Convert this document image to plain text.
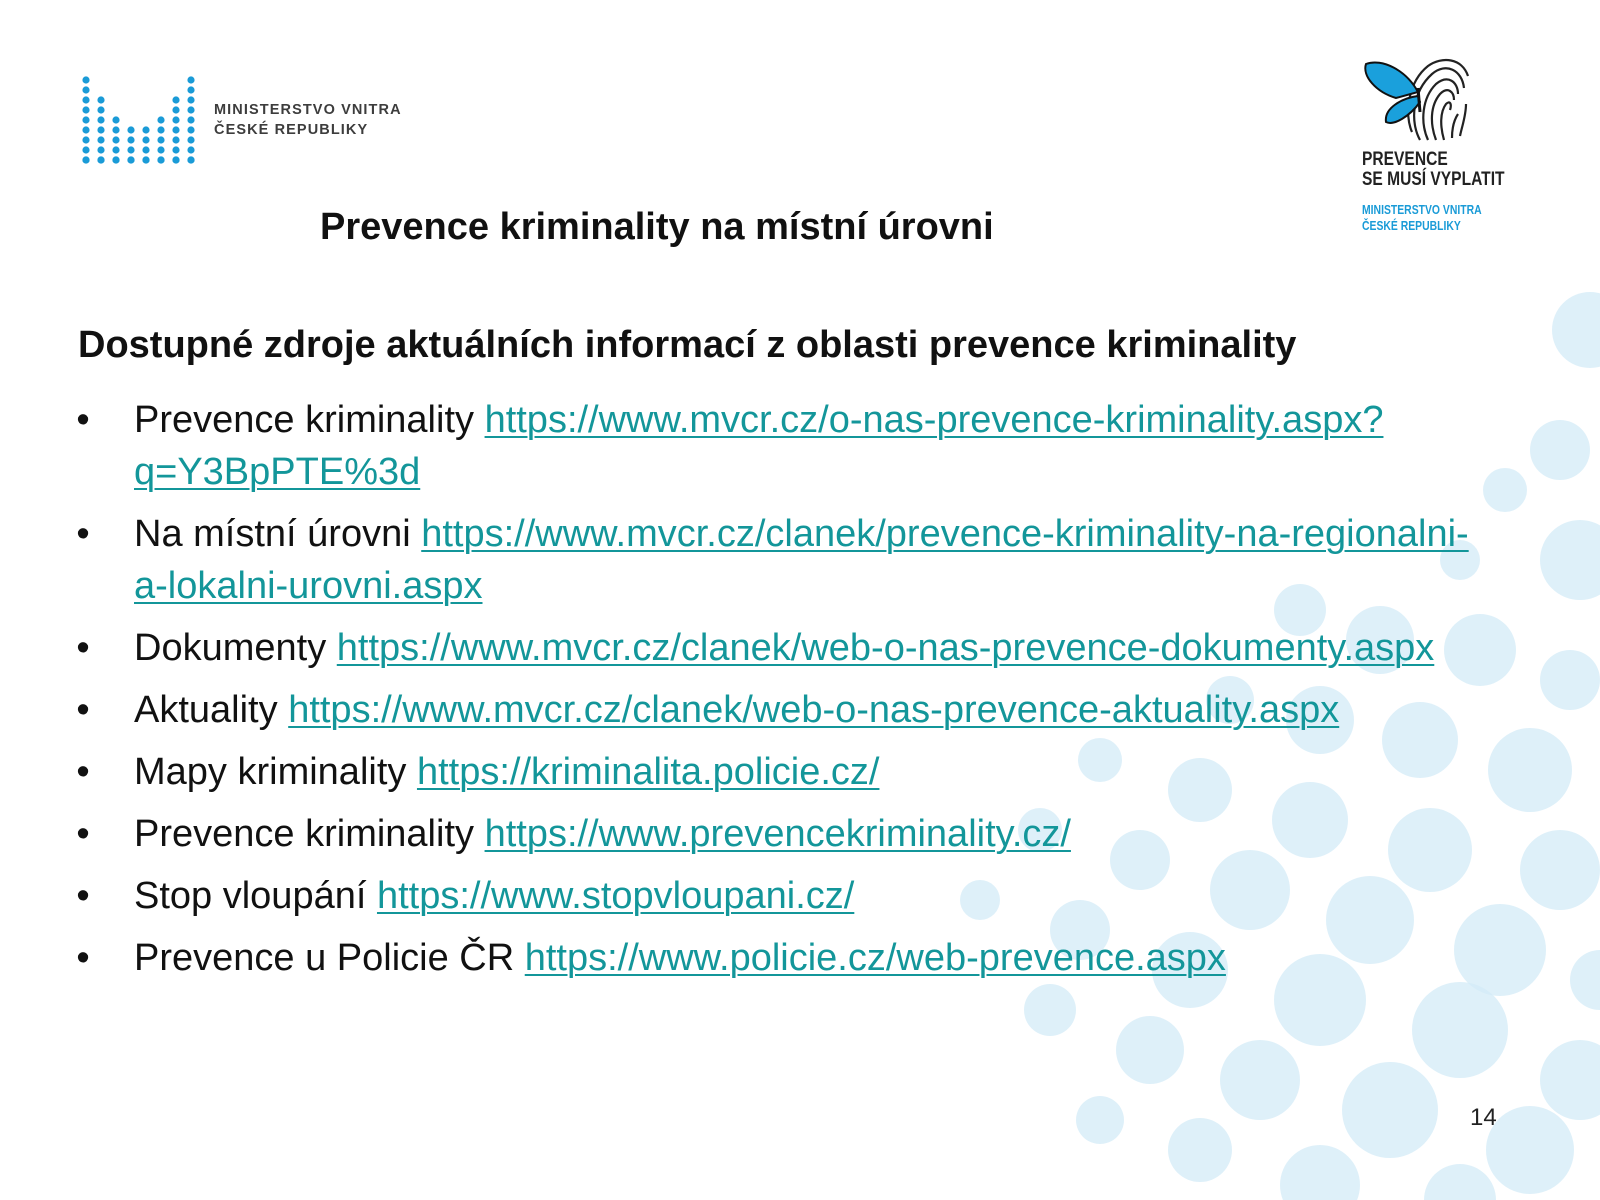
MINISTERSTVO VNITRA
ČESKÉ REPUBLIKY
PREVENCE
SE MUSÍ VYPLATIT
MINISTERSTVO VNITRA
ČESKÉ REPUBLIKY
Prevence kriminality na místní úrovni
Dostupné zdroje aktuálních informací z oblasti prevence kriminality
• Prevence kriminality https://www.mvcr.cz/o-nas-prevence-kriminality.aspx?q=Y3BpPTE%3d
• Na místní úrovni https://www.mvcr.cz/clanek/prevence-kriminality-na-regionalni-a-lokalni-urovni.aspx
• Dokumenty https://www.mvcr.cz/clanek/web-o-nas-prevence-dokumenty.aspx
• Aktuality https://www.mvcr.cz/clanek/web-o-nas-prevence-aktuality.aspx
• Mapy kriminality https://kriminalita.policie.cz/
• Prevence kriminality https://www.prevencekriminality.cz/
• Stop vloupání https://www.stopvloupani.cz/
• Prevence u Policie ČR https://www.policie.cz/web-prevence.aspx
14
